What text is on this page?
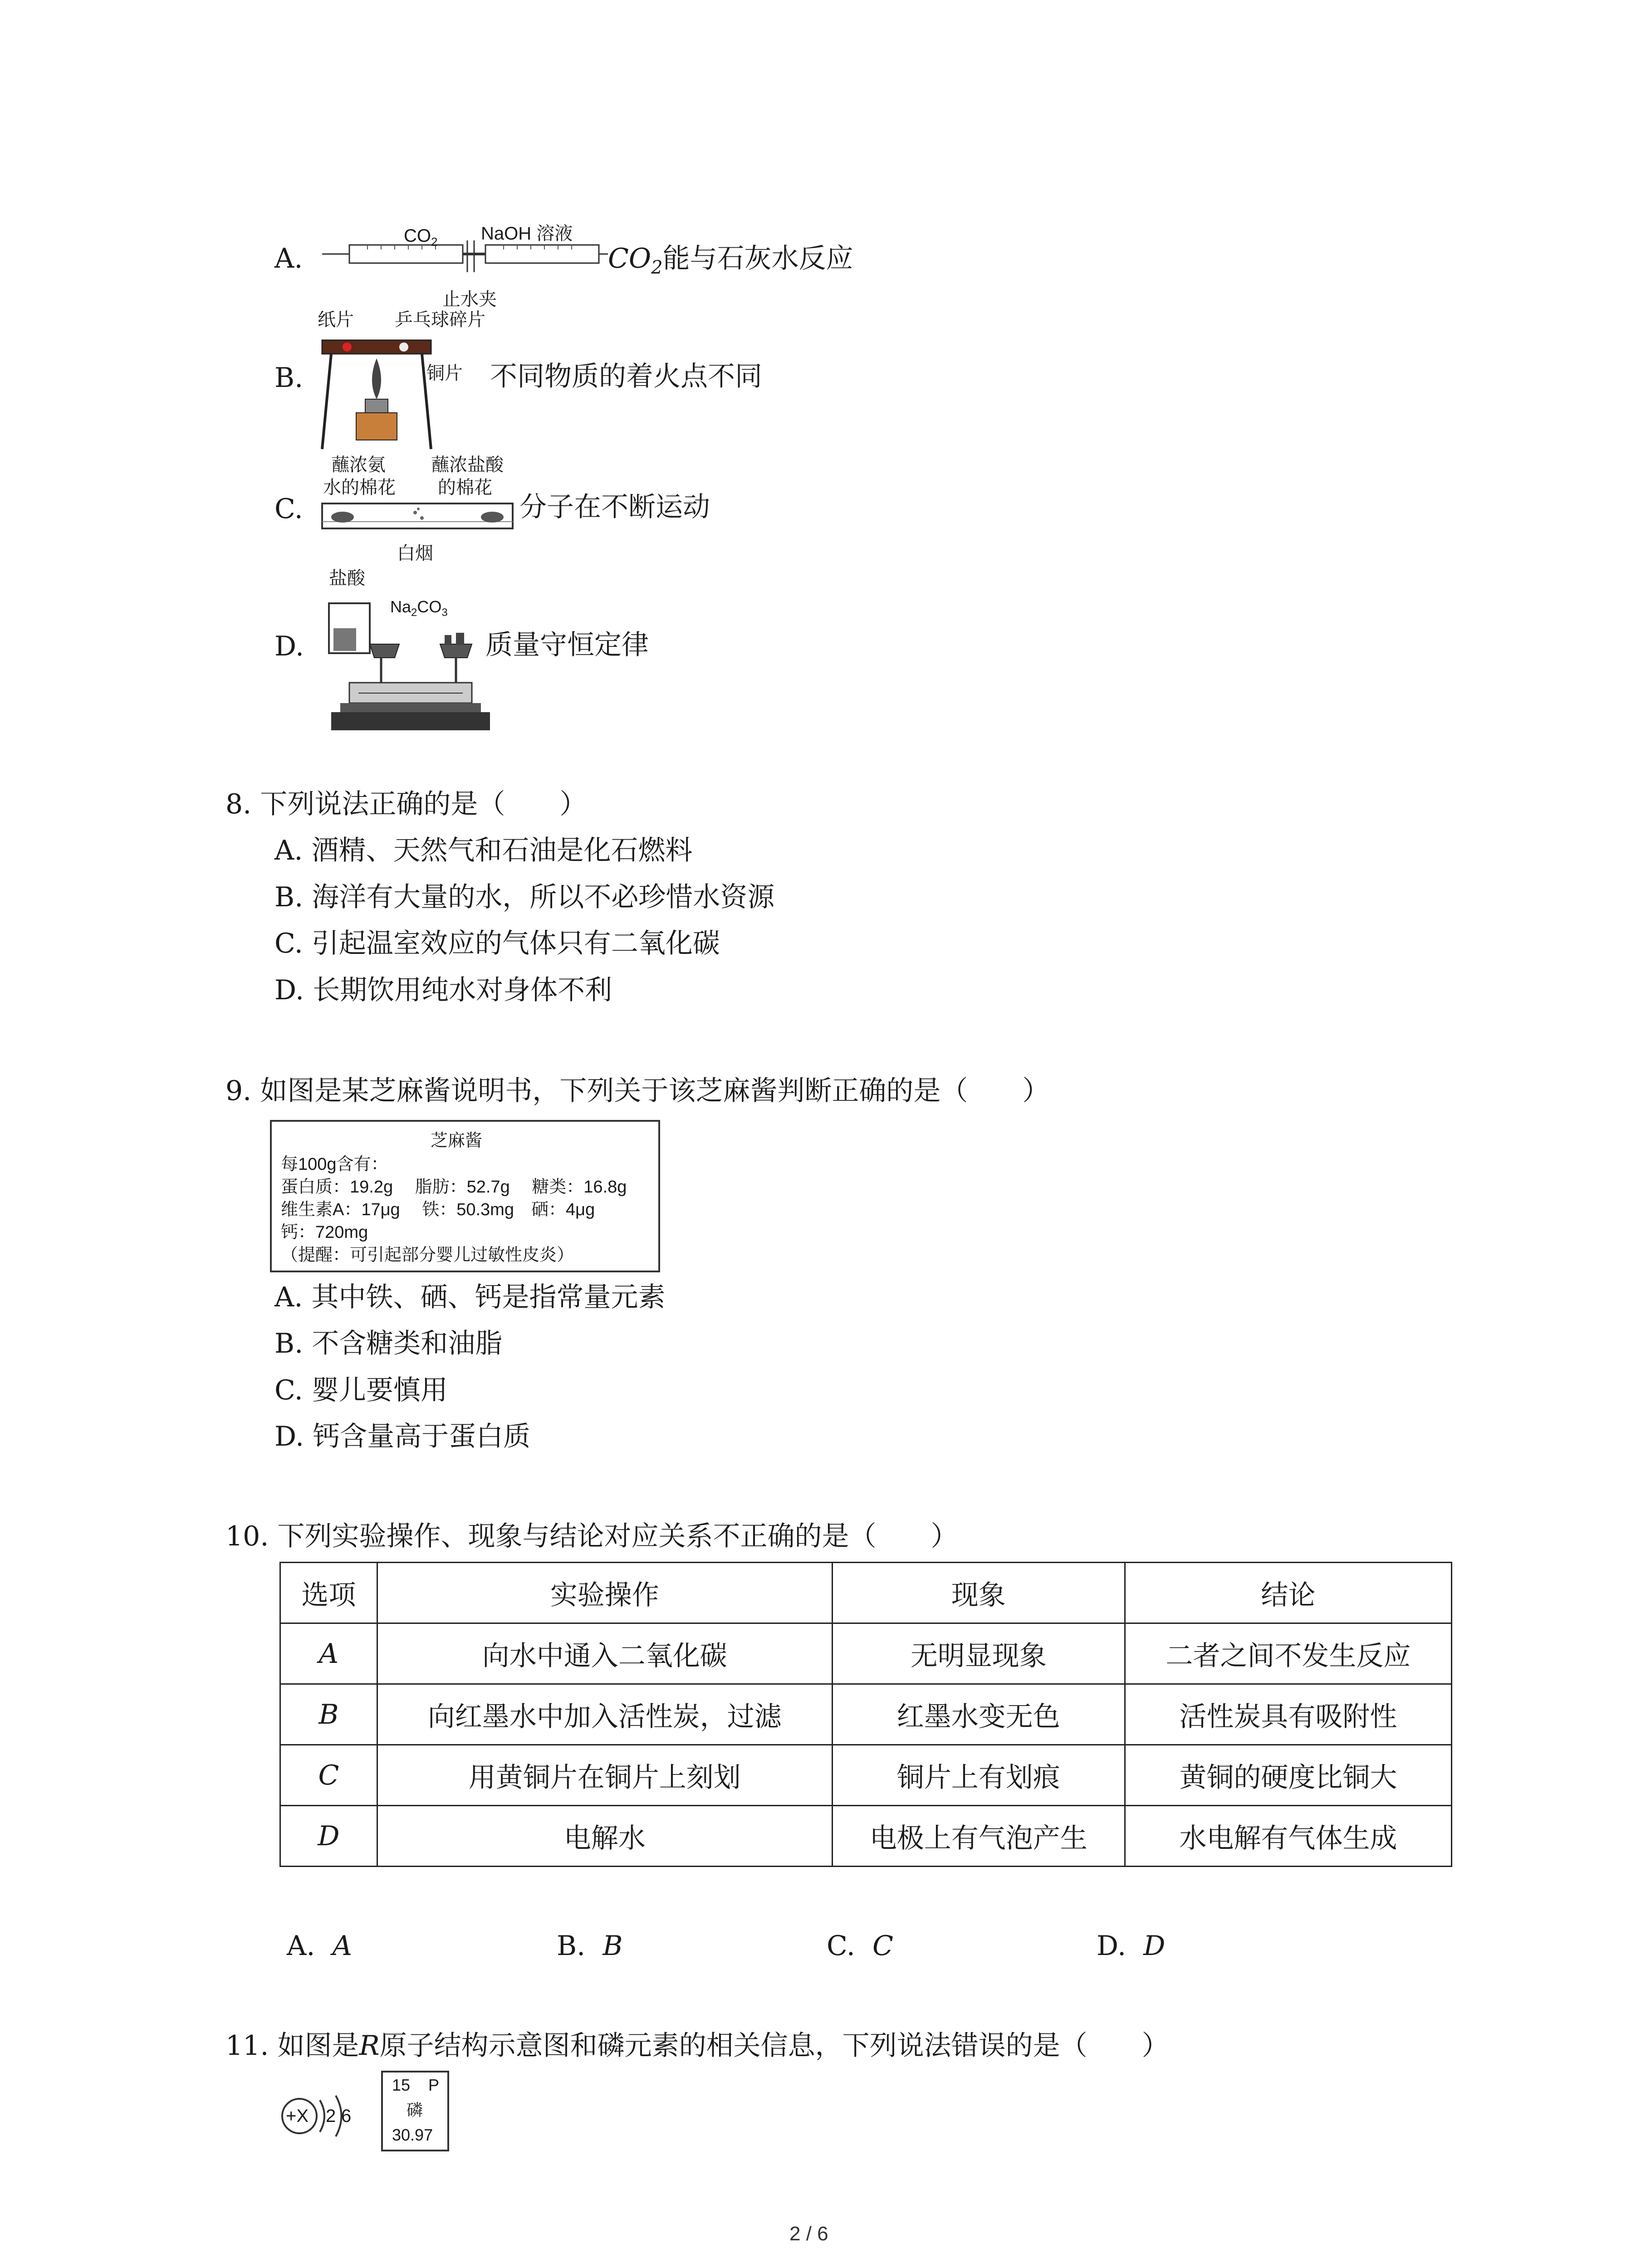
A.
$CO_2$ NaOH 溶液
止水夹
$CO_2$能与石灰水反应
B.
纸片 乒乓球碎片
铜片 不同物质的着火点不同
蘸浓氨
水的棉花
蘸浓盐酸
的棉花
C.
白烟
分子在不断运动
盐酸
$Na_2CO_3$
D.	质量守恒定律
8. 下列说法正确的是（　　）
A. 酒精、天然气和石油是化石燃料
B. 海洋有大量的水，所以不必珍惜水资源
C. 引起温室效应的气体只有二氧化碳
D. 长期饮用纯水对身体不利
9. 如图是某芝麻酱说明书，下列关于该芝麻酱判断正确的是（　　）
芝麻酱
每100g含有：
蛋白质：19.2g　 脂肪：52.7g　 糖类：16.8g
维生素A：17μg　 铁：50.3mg　硒：4μg
钙：720mg
（提醒：可引起部分婴儿过敏性皮炎）
A. 其中铁、硒、钙是指常量元素
B. 不含糖类和油脂
C. 婴儿要慎用
D. 钙含量高于蛋白质
10. 下列实验操作、现象与结论对应关系不正确的是（　　）
选项	实验操作	现象	结论
A	向水中通入二氧化碳	无明显现象	二者之间不发生反应
B	向红墨水中加入活性炭，过滤	红墨水变无色	活性炭具有吸附性
C	用黄铜片在铜片上刻划	铜片上有划痕	黄铜的硬度比铜大
D	电解水	电极上有气泡产生	水电解有气体生成
A. A	B. B	C. C	D. D
11. 如图是R原子结构示意图和磷元素的相关信息，下列说法错误的是（　　）
+X 2 6
15 P
磷
30.97
2 / 6
